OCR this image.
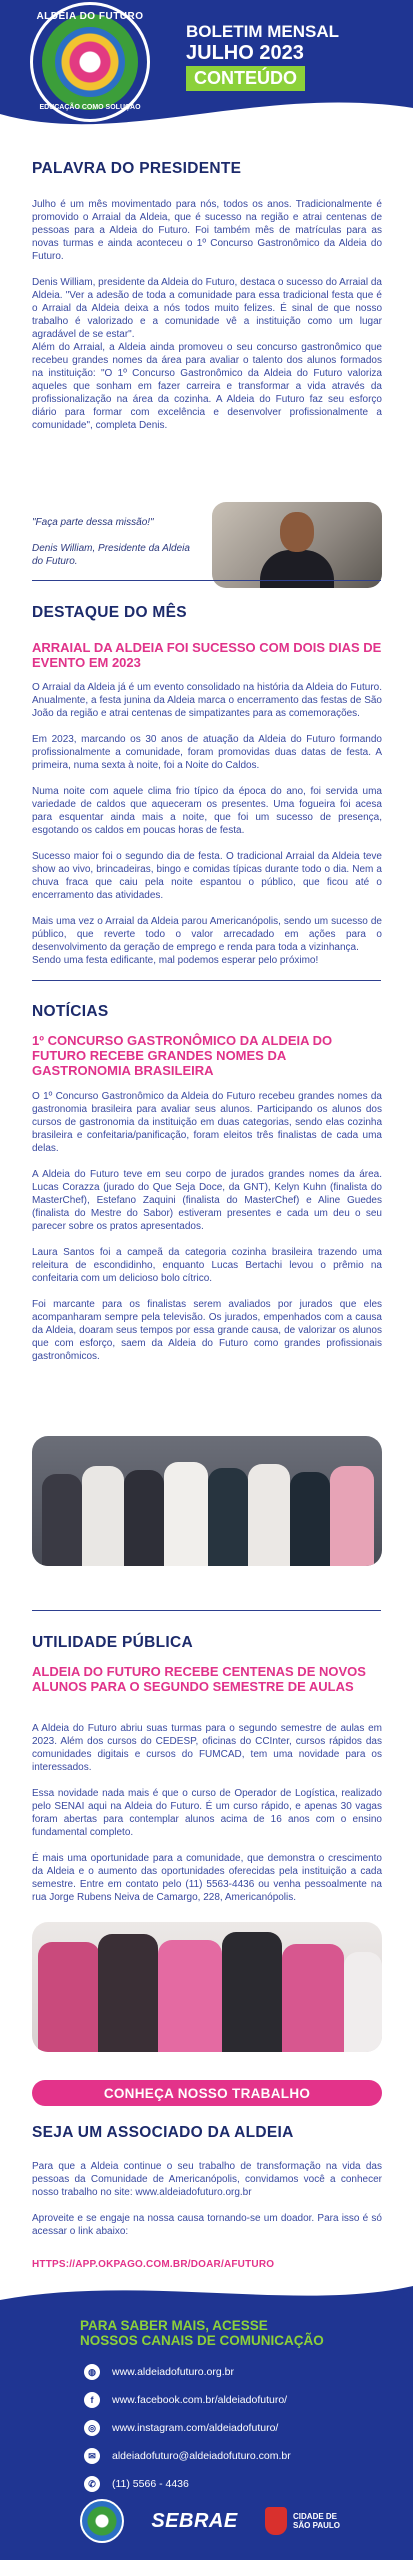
ALDEIA DO FUTURO
EDUCAÇÃO COMO SOLUÇÃO
BOLETIM MENSAL
JULHO 2023
CONTEÚDO
PALAVRA DO PRESIDENTE

Julho é um mês movimentado para nós, todos os anos. Tradicionalmente é promovido o Arraial da Aldeia, que é sucesso na região e atrai centenas de pessoas para a Aldeia do Futuro. Foi também mês de matrículas para as novas turmas e ainda aconteceu o 1º Concurso Gastronômico da Aldeia do Futuro.

Denis William, presidente da Aldeia do Futuro, destaca o sucesso do Arraial da Aldeia. "Ver a adesão de toda a comunidade para essa tradicional festa que é o Arraial da Aldeia deixa a nós todos muito felizes. É sinal de que nosso trabalho é valorizado e a comunidade vê a instituição como um lugar agradável de se estar".

Além do Arraial, a Aldeia ainda promoveu o seu concurso gastronômico que recebeu grandes nomes da área para avaliar o talento dos alunos formados na instituição: "O 1º Concurso Gastronômico da Aldeia do Futuro valoriza aqueles que sonham em fazer carreira e transformar a vida através da profissionalização na área da cozinha. A Aldeia do Futuro faz seu esforço diário para formar com excelência e desenvolver profissionalmente a comunidade", completa Denis.

"Faça parte dessa missão!"
Denis William, Presidente da Aldeia do Futuro.
DESTAQUE DO MÊS
ARRAIAL DA ALDEIA FOI SUCESSO COM DOIS DIAS DE EVENTO EM 2023

O Arraial da Aldeia já é um evento consolidado na história da Aldeia do Futuro. Anualmente, a festa junina da Aldeia marca o encerramento das festas de São João da região e atrai centenas de simpatizantes para as comemorações.

Em 2023, marcando os 30 anos de atuação da Aldeia do Futuro formando profissionalmente a comunidade, foram promovidas duas datas de festa. A primeira, numa sexta à noite, foi a Noite do Caldos.

Numa noite com aquele clima frio típico da época do ano, foi servida uma variedade de caldos que aqueceram os presentes. Uma fogueira foi acesa para esquentar ainda mais a noite, que foi um sucesso de presença, esgotando os caldos em poucas horas de festa.

Sucesso maior foi o segundo dia de festa. O tradicional Arraial da Aldeia teve show ao vivo, brincadeiras, bingo e comidas típicas durante todo o dia. Nem a chuva fraca que caiu pela noite espantou o público, que ficou até o encerramento das atividades.

Mais uma vez o Arraial da Aldeia parou Americanópolis, sendo um sucesso de público, que reverte todo o valor arrecadado em ações para o desenvolvimento da geração de emprego e renda para toda a vizinhança.
Sendo uma festa edificante, mal podemos esperar pelo próximo!

NOTÍCIAS
1º CONCURSO GASTRONÔMICO DA ALDEIA DO FUTURO RECEBE GRANDES NOMES DA GASTRONOMIA BRASILEIRA

O 1º Concurso Gastronômico da Aldeia do Futuro recebeu grandes nomes da gastronomia brasileira para avaliar seus alunos. Participando os alunos dos cursos de gastronomia da instituição em duas categorias, sendo elas cozinha brasileira e confeitaria/panificação, foram eleitos três finalistas de cada uma delas.

A Aldeia do Futuro teve em seu corpo de jurados grandes nomes da área. Lucas Corazza (jurado do Que Seja Doce, da GNT), Kelyn Kuhn (finalista do MasterChef), Estefano Zaquini (finalista do MasterChef) e Aline Guedes (finalista do Mestre do Sabor) estiveram presentes e cada um deu o seu parecer sobre os pratos apresentados.

Laura Santos foi a campeã da categoria cozinha brasileira trazendo uma releitura de escondidinho, enquanto Lucas Bertachi levou o prêmio na confeitaria com um delicioso bolo cítrico.

Foi marcante para os finalistas serem avaliados por jurados que eles acompanharam sempre pela televisão. Os jurados, empenhados com a causa da Aldeia, doaram seus tempos por essa grande causa, de valorizar os alunos que com esforço, saem da Aldeia do Futuro como grandes profissionais gastronômicos.

UTILIDADE PÚBLICA
ALDEIA DO FUTURO RECEBE CENTENAS DE NOVOS ALUNOS PARA O SEGUNDO SEMESTRE DE AULAS

A Aldeia do Futuro abriu suas turmas para o segundo semestre de aulas em 2023. Além dos cursos do CEDESP, oficinas do CCInter, cursos rápidos das comunidades digitais e cursos do FUMCAD, tem uma novidade para os interessados.

Essa novidade nada mais é que o curso de Operador de Logística, realizado pelo SENAI aqui na Aldeia do Futuro. É um curso rápido, e apenas 30 vagas foram abertas para contemplar alunos acima de 16 anos com o ensino fundamental completo.

É mais uma oportunidade para a comunidade, que demonstra o crescimento da Aldeia e o aumento das oportunidades oferecidas pela instituição a cada semestre. Entre em contato pelo (11) 5563-4436 ou venha pessoalmente na rua Jorge Rubens Neiva de Camargo, 228, Americanópolis.

CONHEÇA NOSSO TRABALHO
SEJA UM ASSOCIADO DA ALDEIA

Para que a Aldeia continue o seu trabalho de transformação na vida das pessoas da Comunidade de Americanópolis, convidamos você a conhecer nosso trabalho no site: www.aldeiadofuturo.org.br

Aproveite e se engaje na nossa causa tornando-se um doador. Para isso é só acessar o link abaixo:

HTTPS://APP.OKPAGO.COM.BR/DOAR/AFUTURO
PARA SABER MAIS, ACESSE
NOSSOS CANAIS DE COMUNICAÇÃO
◍	www.aldeiadofuturo.org.br
f	www.facebook.com.br/aldeiadofuturo/
◎	www.instagram.com/aldeiadofuturo/
✉	aldeiadofuturo@aldeiadofuturo.com.br
✆	(11) 5566 - 4436
SEBRAE	CIDADE DE
SÃO PAULO
